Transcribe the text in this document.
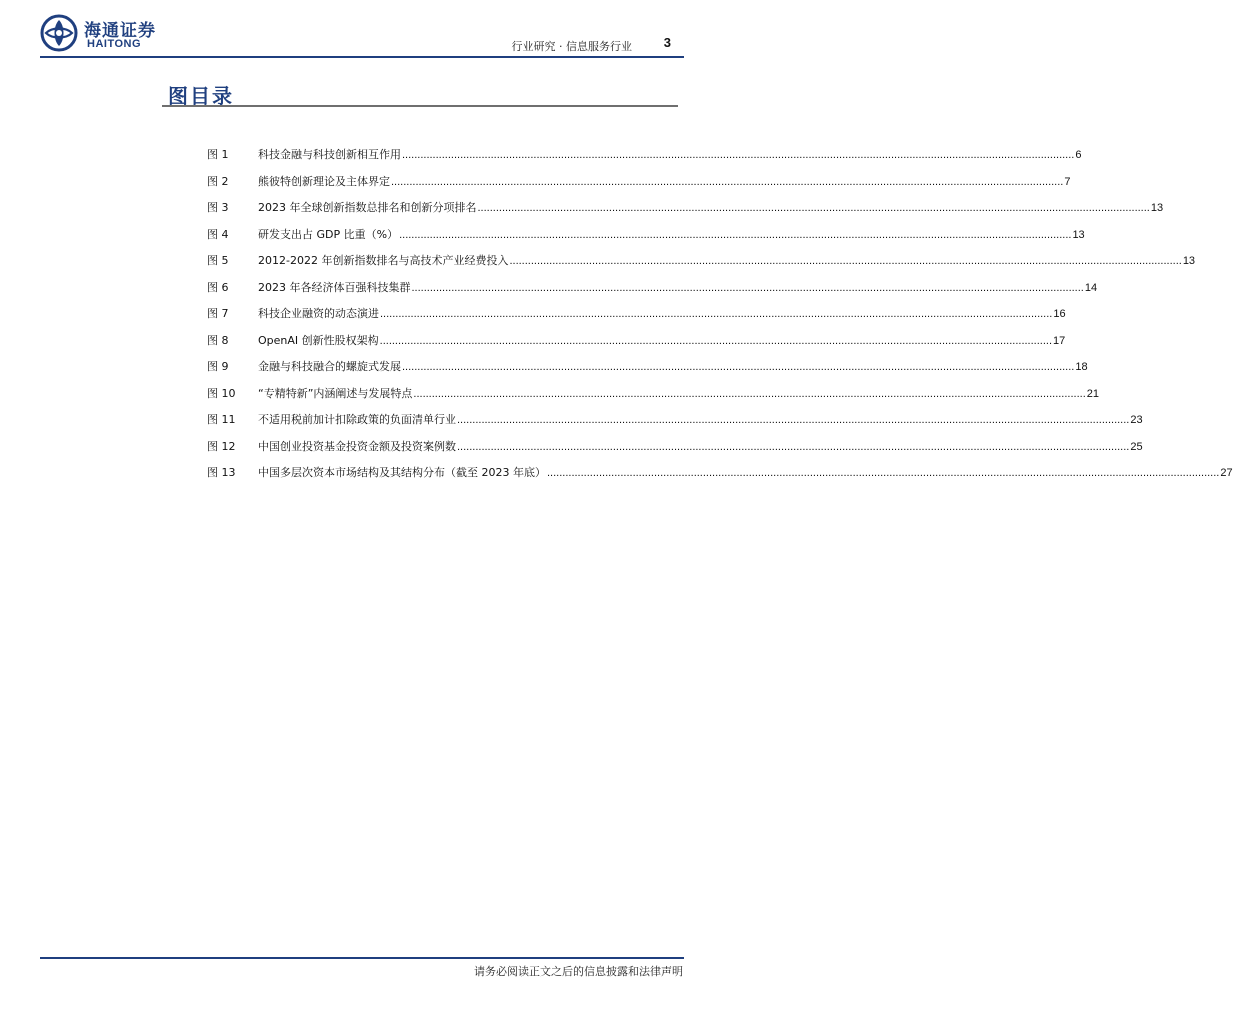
海通证券
HAITONG	行业研究 · 信息服务行业 3
图目录
图 1	科技金融与科技创新相互作用 ............................................................................................................................................................................................................................ 6
图 2	熊彼特创新理论及主体界定 ............................................................................................................................................................................................................................ 7
图 3	2023 年全球创新指数总排名和创新分项排名 ............................................................................................................................................................................................................................ 13
图 4	研发支出占 GDP 比重（%） ............................................................................................................................................................................................................................ 13
图 5	2012-2022 年创新指数排名与高技术产业经费投入 ............................................................................................................................................................................................................................ 13
图 6	2023 年各经济体百强科技集群 ............................................................................................................................................................................................................................ 14
图 7	科技企业融资的动态演进 ............................................................................................................................................................................................................................ 16
图 8	OpenAI 创新性股权架构 ............................................................................................................................................................................................................................ 17
图 9	金融与科技融合的螺旋式发展 ............................................................................................................................................................................................................................ 18
图 10	“专精特新”内涵阐述与发展特点 ............................................................................................................................................................................................................................ 21
图 11	不适用税前加计扣除政策的负面清单行业 ............................................................................................................................................................................................................................ 23
图 12	中国创业投资基金投资金额及投资案例数 ............................................................................................................................................................................................................................ 25
图 13	中国多层次资本市场结构及其结构分布（截至 2023 年底） ............................................................................................................................................................................................................................ 27
请务必阅读正文之后的信息披露和法律声明
